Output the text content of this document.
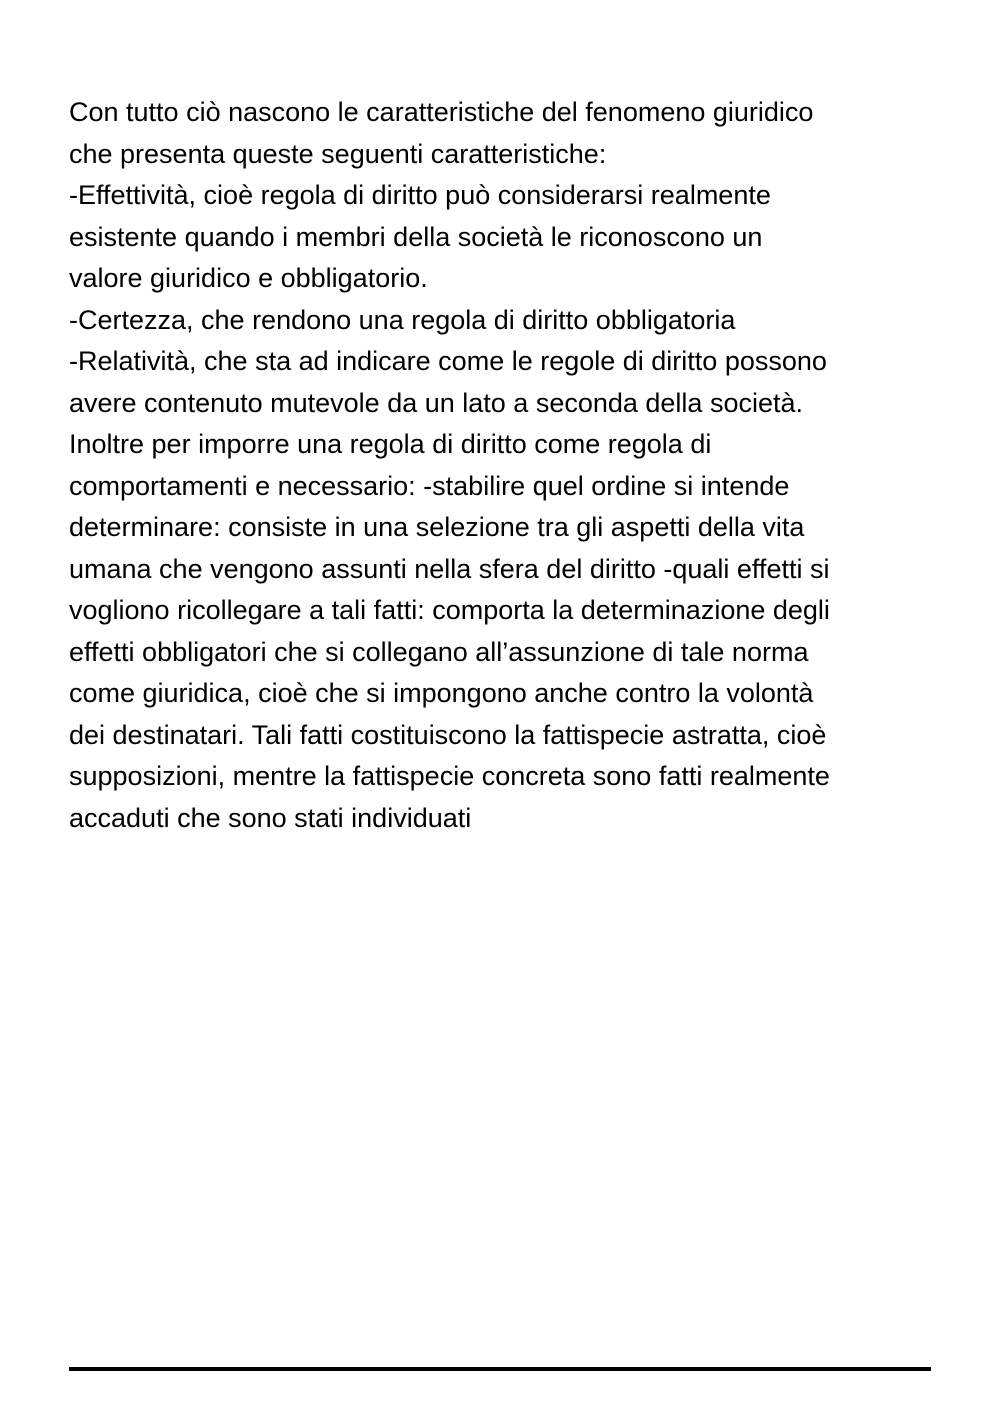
Con tutto ciò nascono le caratteristiche del fenomeno giuridico
che presenta queste seguenti caratteristiche:
-Effettività, cioè regola di diritto può considerarsi realmente
esistente quando i membri della società le riconoscono un
valore giuridico e obbligatorio.
-Certezza, che rendono una regola di diritto obbligatoria
-Relatività, che sta ad indicare come le regole di diritto possono
avere contenuto mutevole da un lato a seconda della società.
Inoltre per imporre una regola di diritto come regola di
comportamenti e necessario: -stabilire quel ordine si intende
determinare: consiste in una selezione tra gli aspetti della vita
umana che vengono assunti nella sfera del diritto -quali effetti si
vogliono ricollegare a tali fatti: comporta la determinazione degli
effetti obbligatori che si collegano all’assunzione di tale norma
come giuridica, cioè che si impongono anche contro la volontà
dei destinatari. Tali fatti costituiscono la fattispecie astratta, cioè
supposizioni, mentre la fattispecie concreta sono fatti realmente
accaduti che sono stati individuati
